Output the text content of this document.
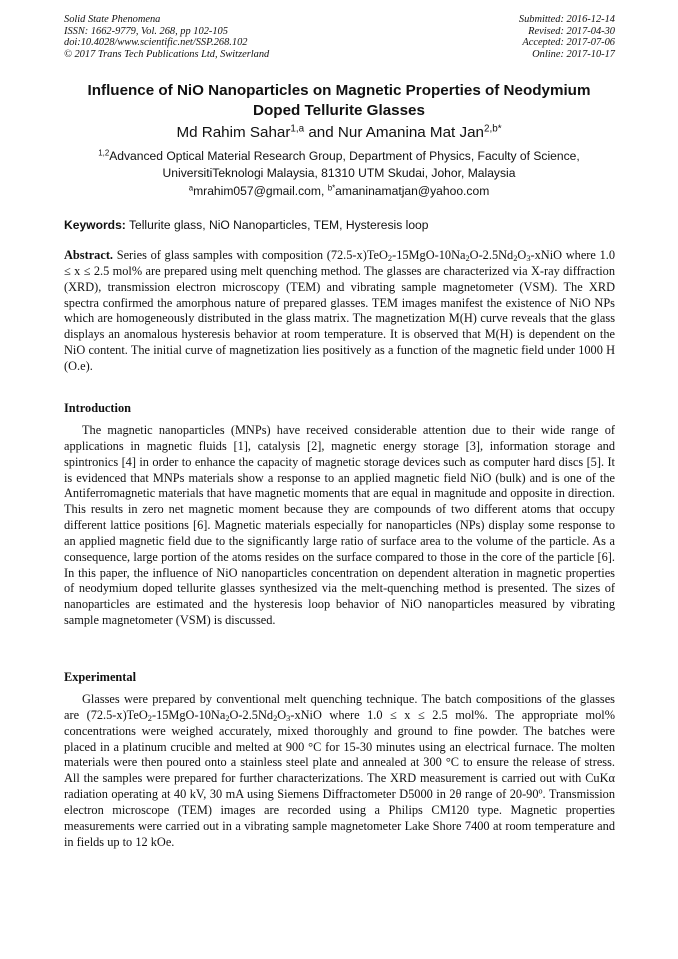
Solid State Phenomena
ISSN: 1662-9779, Vol. 268, pp 102-105
doi:10.4028/www.scientific.net/SSP.268.102
© 2017 Trans Tech Publications Ltd, Switzerland
Submitted: 2016-12-14
Revised: 2017-04-30
Accepted: 2017-07-06
Online: 2017-10-17
Influence of NiO Nanoparticles on Magnetic Properties of Neodymium
Doped Tellurite Glasses
Md Rahim Sahar$^{1,a}$ and Nur Amanina Mat Jan$^{2,b*}$
$^{1,2}$Advanced Optical Material Research Group, Department of Physics, Faculty of Science,
UniversitiTeknologi Malaysia, 81310 UTM Skudai, Johor, Malaysia
$^a$mrahim057@gmail.com, $^{b*}$amaninamatjan@yahoo.com
Keywords: Tellurite glass, NiO Nanoparticles, TEM, Hysteresis loop
Abstract. Series of glass samples with composition $(72.5-x)TeO_2-15MgO-10Na_2O-2.5Nd_2O_3$-xNiO where 1.0 ≤ x ≤ 2.5 mol% are prepared using melt quenching method. The glasses are characterized via X-ray diffraction (XRD), transmission electron microscopy (TEM) and vibrating sample magnetometer (VSM). The XRD spectra confirmed the amorphous nature of prepared glasses. TEM images manifest the existence of NiO NPs which are homogeneously distributed in the glass matrix. The magnetization M(H) curve reveals that the glass displays an anomalous hysteresis behavior at room temperature. It is observed that M(H) is dependent on the NiO content. The initial curve of magnetization lies positively as a function of the magnetic field under 1000 H (O.e).
Introduction
The magnetic nanoparticles (MNPs) have received considerable attention due to their wide range of applications in magnetic fluids [1], catalysis [2], magnetic energy storage [3], information storage and spintronics [4] in order to enhance the capacity of magnetic storage devices such as computer hard discs [5]. It is evidenced that MNPs materials show a response to an applied magnetic field NiO (bulk) and is one of the Antiferromagnetic materials that have magnetic moments that are equal in magnitude and opposite in direction. This results in zero net magnetic moment because they are compounds of two different atoms that occupy different lattice positions [6]. Magnetic materials especially for nanoparticles (NPs) display some response to an applied magnetic field due to the significantly large ratio of surface area to the volume of the particle. As a consequence, large portion of the atoms resides on the surface compared to those in the core of the particle [6]. In this paper, the influence of NiO nanoparticles concentration on dependent alteration in magnetic properties of neodymium doped tellurite glasses synthesized via the melt-quenching method is presented. The sizes of nanoparticles are estimated and the hysteresis loop behavior of NiO nanoparticles measured by vibrating sample magnetometer (VSM) is discussed.
Experimental
Glasses were prepared by conventional melt quenching technique. The batch compositions of the glasses are $(72.5-x)TeO_2-15MgO-10Na_2O-2.5Nd_2O_3$-xNiO where 1.0 ≤ x ≤ 2.5 mol%. The appropriate mol% concentrations were weighed accurately, mixed thoroughly and ground to fine powder. The batches were placed in a platinum crucible and melted at 900 °C for 15-30 minutes using an electrical furnace. The molten materials were then poured onto a stainless steel plate and annealed at 300 °C to ensure the release of stress. All the samples were prepared for further characterizations. The XRD measurement is carried out with CuKα radiation operating at 40 kV, 30 mA using Siemens Diffractometer D5000 in 2θ range of 20-90$^o$. Transmission electron microscope (TEM) images are recorded using a Philips CM120 type. Magnetic properties measurements were carried out in a vibrating sample magnetometer Lake Shore 7400 at room temperature and in fields up to 12 kOe.
